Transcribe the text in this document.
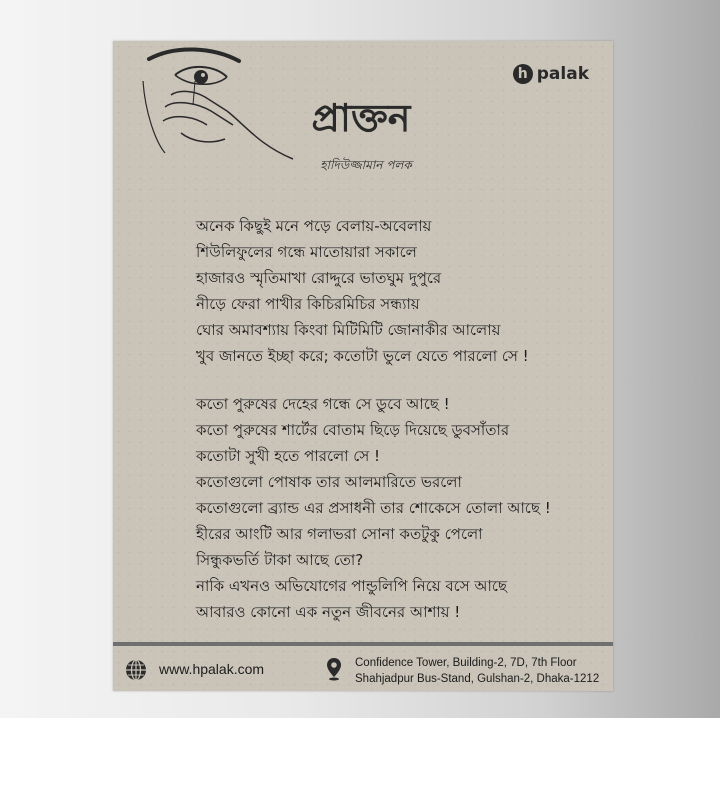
h palak
প্রাক্তন
হাদিউজ্জামান পলক
অনেক কিছুই মনে পড়ে বেলায়-অবেলায়
শিউলিফুলের গন্ধে মাতোয়ারা সকালে
হাজারও স্মৃতিমাখা রোদ্দুরে ভাতঘুম দুপুরে
নীড়ে ফেরা পাখীর কিচিরমিচির সন্ধ্যায়
ঘোর অমাবশ্যায় কিংবা মিটিমিটি জোনাকীর আলোয়
খুব জানতে ইচ্ছা করে; কতোটা ভুলে যেতে পারলো সে !
কতো পুরুষের দেহের গন্ধে সে ডুবে আছে !
কতো পুরুষের শার্টের বোতাম ছিড়ে দিয়েছে ডুবসাঁতার
কতোটা সুখী হতে পারলো সে !
কতোগুলো পোষাক তার আলমারিতে ভরলো
কতোগুলো ব্র্যান্ড এর প্রসাধনী তার শোকেসে তোলা আছে !
হীরের আংটি আর গলাভরা সোনা কতটুকু পেলো
সিন্ধুকভর্তি টাকা আছে তো?
নাকি এখনও অভিযোগের পান্ডুলিপি নিয়ে বসে আছে
আবারও কোনো এক নতুন জীবনের আশায় !
www.hpalak.com	Confidence Tower, Building-2, 7D, 7th Floor
Shahjadpur Bus-Stand, Gulshan-2, Dhaka-1212
